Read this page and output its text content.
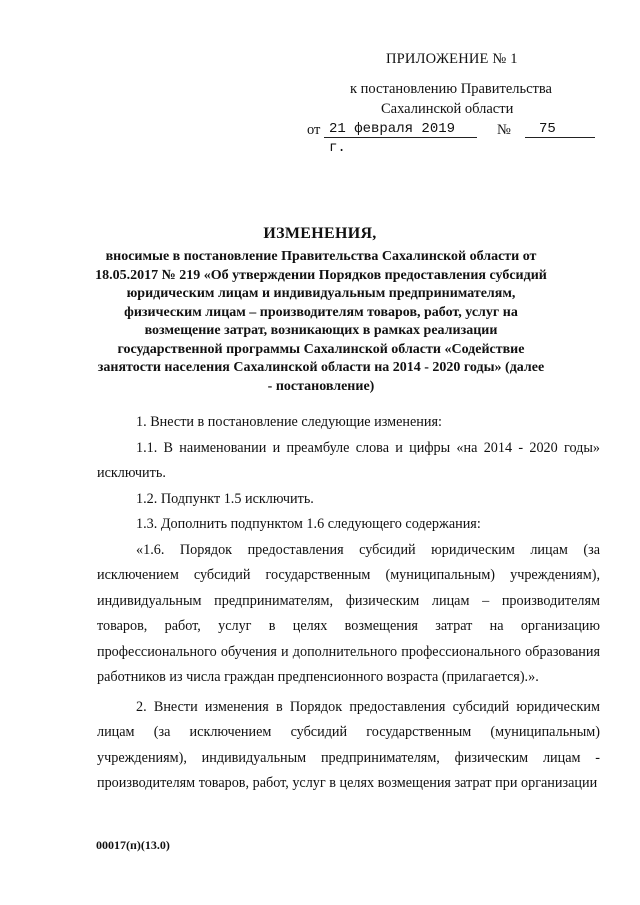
ПРИЛОЖЕНИЕ № 1
к постановлению Правительства
Сахалинской области
от 21 февраля 2019 г.
№	75
ИЗМЕНЕНИЯ,
вносимые в постановление Правительства Сахалинской области от 18.05.2017 № 219 «Об утверждении Порядков предоставления субсидий юридическим лицам и индивидуальным предпринимателям, физическим лицам – производителям товаров, работ, услуг на возмещение затрат, возникающих в рамках реализации государственной программы Сахалинской области «Содействие занятости населения Сахалинской области на 2014 - 2020 годы» (далее - постановление)

1. Внести в постановление следующие изменения:

1.1. В наименовании и преамбуле слова и цифры «на 2014 - 2020 годы» исключить.

1.2. Подпункт 1.5 исключить.

1.3. Дополнить подпунктом 1.6 следующего содержания:

«1.6. Порядок предоставления субсидий юридическим лицам (за исключением субсидий государственным (муниципальным) учреждениям), индивидуальным предпринимателям, физическим лицам – производителям товаров, работ, услуг в целях возмещения затрат на организацию профессионального обучения и дополнительного профессионального образования работников из числа граждан предпенсионного возраста (прилагается).».

2. Внести изменения в Порядок предоставления субсидий юридическим лицам (за исключением субсидий государственным (муниципальным) учреждениям), индивидуальным предпринимателям, физическим лицам - производителям товаров, работ, услуг в целях возмещения затрат при организации

00017(п)(13.0)
